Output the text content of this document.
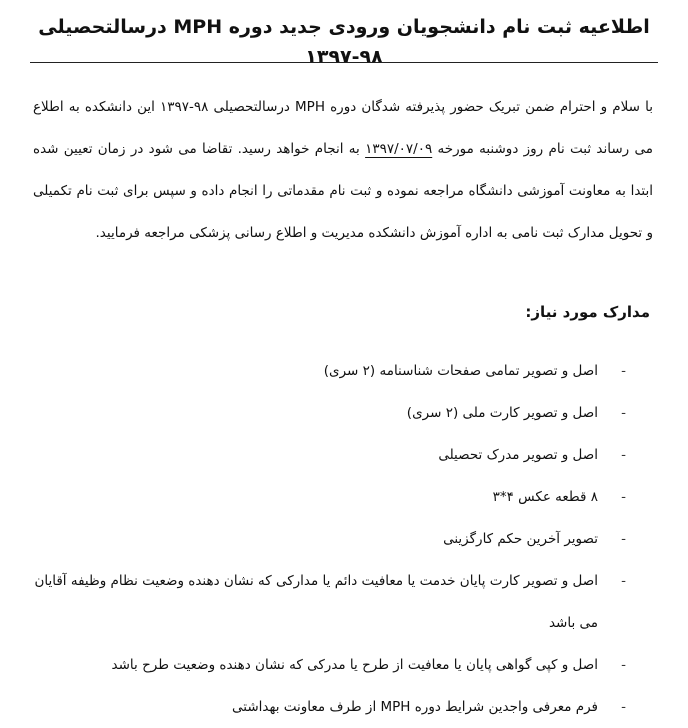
اطلاعیه ثبت نام دانشجویان ورودی جدید دوره MPH درسالتحصیلی ۹۸-۱۳۹۷

با سلام و احترام ضمن تبریک حضور پذیرفته شدگان دوره MPH درسالتحصیلی ۹۸-۱۳۹۷ این دانشکده به اطلاع می رساند ثبت نام روز دوشنبه مورخه ۱۳۹۷/۰۷/۰۹ به انجام خواهد رسید. تقاضا می شود در زمان تعیین شده ابتدا به معاونت آموزشی دانشگاه مراجعه نموده و ثبت نام مقدماتی را انجام داده و سپس برای ثبت نام تکمیلی و تحویل مدارک ثبت نامی به اداره آموزش دانشکده مدیریت و اطلاع رسانی پزشکی مراجعه فرمایید.

مدارک مورد نیاز:
-
اصل و تصویر تمامی صفحات شناسنامه (۲ سری)
-
اصل و تصویر کارت ملی (۲ سری)
-
اصل و تصویر مدرک تحصیلی
-
۸ قطعه عکس ۴*۳
-
تصویر آخرین حکم کارگزینی
-
اصل و تصویر کارت پایان خدمت یا معافیت دائم یا مدارکی که نشان دهنده وضعیت نظام وظیفه آقایان می باشد
-
اصل و کپی گواهی پایان یا معافیت از طرح یا مدرکی که نشان دهنده وضعیت طرح باشد
-
فرم معرفی واجدین شرایط دوره MPH از طرف معاونت بهداشتی
